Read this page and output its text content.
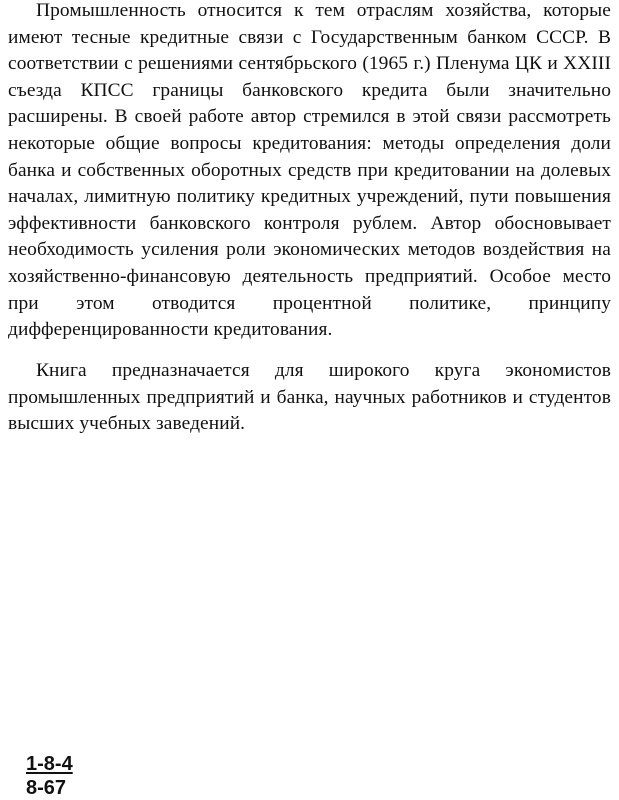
Промышленность относится к тем отраслям хозяйства, которые имеют тесные кредитные связи с Государственным банком СССР. В соответствии с решениями сентябрьского (1965 г.) Пленума ЦК и XXIII съезда КПСС границы банковского кредита были значительно расширены. В своей работе автор стремился в этой связи рассмотреть некоторые общие вопросы кредитования: методы определения доли банка и собственных оборотных средств при кредитовании на долевых началах, лимитную политику кредитных учреждений, пути повышения эффективности банковского контроля рублем. Автор обосновывает необходимость усиления роли экономических методов воздействия на хозяйственно-финансовую деятельность предприятий. Особое место при этом отводится процентной политике, принципу дифференцированности кредитования.

Книга предназначается для широкого круга экономистов промышленных предприятий и банка, научных работников и студентов высших учебных заведений.

1-8-4
8-67
